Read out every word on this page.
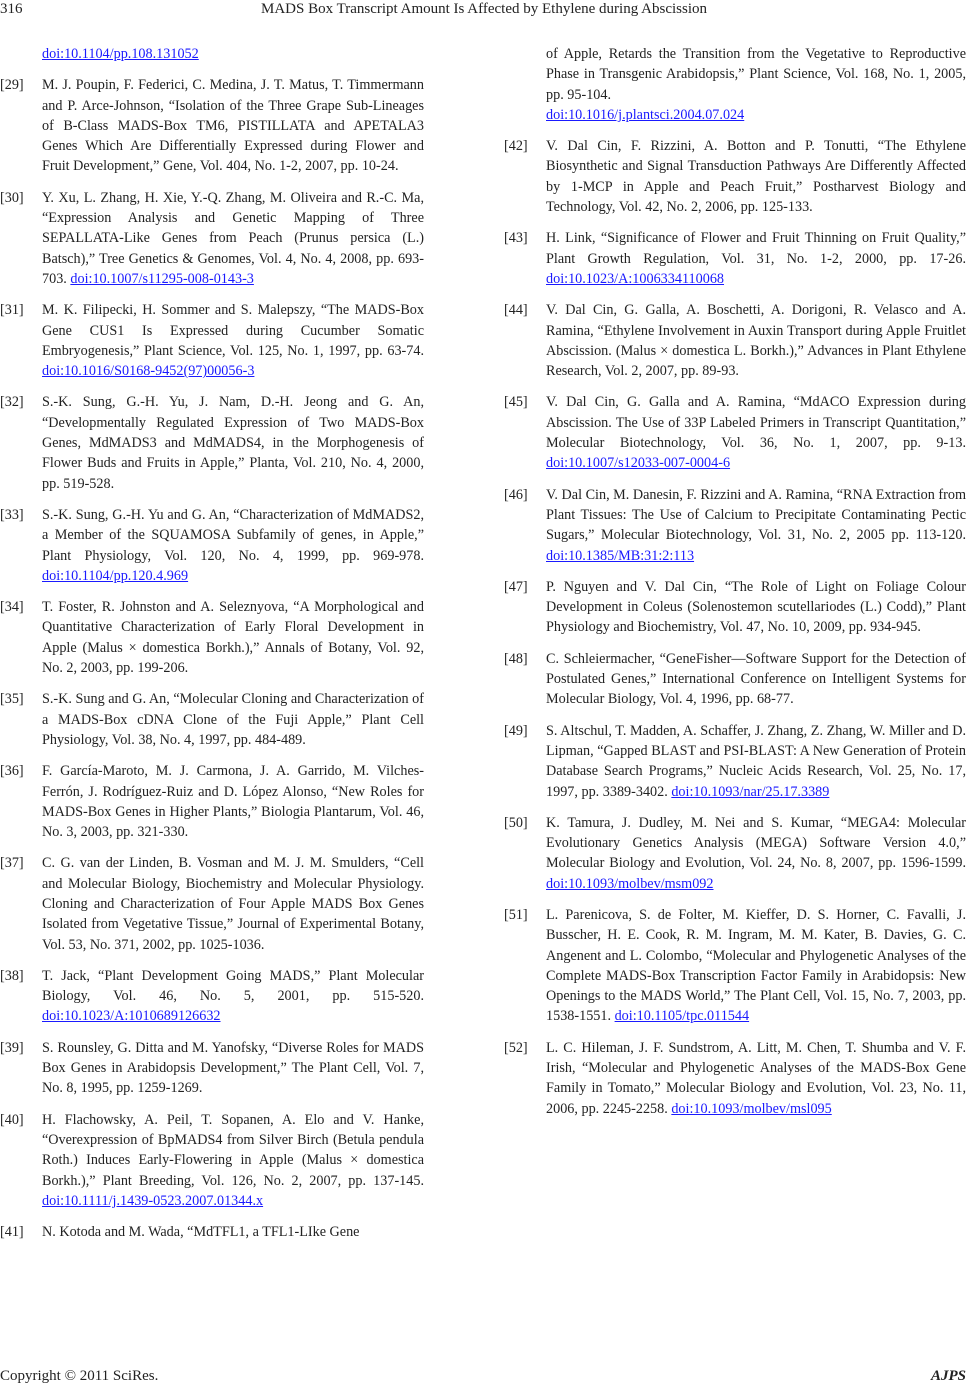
316	MADS Box Transcript Amount Is Affected by Ethylene during Abscission
doi:10.1104/pp.108.131052
[29] M. J. Poupin, F. Federici, C. Medina, J. T. Matus, T. Timmermann and P. Arce-Johnson, “Isolation of the Three Grape Sub-Lineages of B-Class MADS-Box TM6, PISTILLATA and APETALA3 Genes Which Are Differentially Expressed during Flower and Fruit Development,” Gene, Vol. 404, No. 1-2, 2007, pp. 10-24.
[30] Y. Xu, L. Zhang, H. Xie, Y.-Q. Zhang, M. Oliveira and R.-C. Ma, “Expression Analysis and Genetic Mapping of Three SEPALLATA-Like Genes from Peach (Prunus persica (L.) Batsch),” Tree Genetics & Genomes, Vol. 4, No. 4, 2008, pp. 693-703. doi:10.1007/s11295-008-0143-3
[31] M. K. Filipecki, H. Sommer and S. Malepszy, “The MADS-Box Gene CUS1 Is Expressed during Cucumber Somatic Embryogenesis,” Plant Science, Vol. 125, No. 1, 1997, pp. 63-74. doi:10.1016/S0168-9452(97)00056-3
[32] S.-K. Sung, G.-H. Yu, J. Nam, D.-H. Jeong and G. An, “Developmentally Regulated Expression of Two MADS-Box Genes, MdMADS3 and MdMADS4, in the Morphogenesis of Flower Buds and Fruits in Apple,” Planta, Vol. 210, No. 4, 2000, pp. 519-528.
[33] S.-K. Sung, G.-H. Yu and G. An, “Characterization of MdMADS2, a Member of the SQUAMOSA Subfamily of genes, in Apple,” Plant Physiology, Vol. 120, No. 4, 1999, pp. 969-978. doi:10.1104/pp.120.4.969
[34] T. Foster, R. Johnston and A. Seleznyova, “A Morphological and Quantitative Characterization of Early Floral Development in Apple (Malus × domestica Borkh.),” Annals of Botany, Vol. 92, No. 2, 2003, pp. 199-206.
[35] S.-K. Sung and G. An, “Molecular Cloning and Characterization of a MADS-Box cDNA Clone of the Fuji Apple,” Plant Cell Physiology, Vol. 38, No. 4, 1997, pp. 484-489.
[36] F. García-Maroto, M. J. Carmona, J. A. Garrido, M. Vilches-Ferrón, J. Rodríguez-Ruiz and D. López Alonso, “New Roles for MADS-Box Genes in Higher Plants,” Biologia Plantarum, Vol. 46, No. 3, 2003, pp. 321-330.
[37] C. G. van der Linden, B. Vosman and M. J. M. Smulders, “Cell and Molecular Biology, Biochemistry and Molecular Physiology. Cloning and Characterization of Four Apple MADS Box Genes Isolated from Vegetative Tissue,” Journal of Experimental Botany, Vol. 53, No. 371, 2002, pp. 1025-1036.
[38] T. Jack, “Plant Development Going MADS,” Plant Molecular Biology, Vol. 46, No. 5, 2001, pp. 515-520. doi:10.1023/A:1010689126632
[39] S. Rounsley, G. Ditta and M. Yanofsky, “Diverse Roles for MADS Box Genes in Arabidopsis Development,” The Plant Cell, Vol. 7, No. 8, 1995, pp. 1259-1269.
[40] H. Flachowsky, A. Peil, T. Sopanen, A. Elo and V. Hanke, “Overexpression of BpMADS4 from Silver Birch (Betula pendula Roth.) Induces Early-Flowering in Apple (Malus × domestica Borkh.),” Plant Breeding, Vol. 126, No. 2, 2007, pp. 137-145. doi:10.1111/j.1439-0523.2007.01344.x
[41] N. Kotoda and M. Wada, “MdTFL1, a TFL1-LIke Gene
of Apple, Retards the Transition from the Vegetative to Reproductive Phase in Transgenic Arabidopsis,” Plant Science, Vol. 168, No. 1, 2005, pp. 95-104.
doi:10.1016/j.plantsci.2004.07.024
[42] V. Dal Cin, F. Rizzini, A. Botton and P. Tonutti, “The Ethylene Biosynthetic and Signal Transduction Pathways Are Differently Affected by 1-MCP in Apple and Peach Fruit,” Postharvest Biology and Technology, Vol. 42, No. 2, 2006, pp. 125-133.
[43] H. Link, “Significance of Flower and Fruit Thinning on Fruit Quality,” Plant Growth Regulation, Vol. 31, No. 1-2, 2000, pp. 17-26. doi:10.1023/A:1006334110068
[44] V. Dal Cin, G. Galla, A. Boschetti, A. Dorigoni, R. Velasco and A. Ramina, “Ethylene Involvement in Auxin Transport during Apple Fruitlet Abscission. (Malus × domestica L. Borkh.),” Advances in Plant Ethylene Research, Vol. 2, 2007, pp. 89-93.
[45] V. Dal Cin, G. Galla and A. Ramina, “MdACO Expression during Abscission. The Use of 33P Labeled Primers in Transcript Quantitation,” Molecular Biotechnology, Vol. 36, No. 1, 2007, pp. 9-13. doi:10.1007/s12033-007-0004-6
[46] V. Dal Cin, M. Danesin, F. Rizzini and A. Ramina, “RNA Extraction from Plant Tissues: The Use of Calcium to Precipitate Contaminating Pectic Sugars,” Molecular Biotechnology, Vol. 31, No. 2, 2005 pp. 113-120. doi:10.1385/MB:31:2:113
[47] P. Nguyen and V. Dal Cin, “The Role of Light on Foliage Colour Development in Coleus (Solenostemon scutellariodes (L.) Codd),” Plant Physiology and Biochemistry, Vol. 47, No. 10, 2009, pp. 934-945.
[48] C. Schleiermacher, “GeneFisher—Software Support for the Detection of Postulated Genes,” International Conference on Intelligent Systems for Molecular Biology, Vol. 4, 1996, pp. 68-77.
[49] S. Altschul, T. Madden, A. Schaffer, J. Zhang, Z. Zhang, W. Miller and D. Lipman, “Gapped BLAST and PSI-BLAST: A New Generation of Protein Database Search Programs,” Nucleic Acids Research, Vol. 25, No. 17, 1997, pp. 3389-3402. doi:10.1093/nar/25.17.3389
[50] K. Tamura, J. Dudley, M. Nei and S. Kumar, “MEGA4: Molecular Evolutionary Genetics Analysis (MEGA) Software Version 4.0,” Molecular Biology and Evolution, Vol. 24, No. 8, 2007, pp. 1596-1599. doi:10.1093/molbev/msm092
[51] L. Parenicova, S. de Folter, M. Kieffer, D. S. Horner, C. Favalli, J. Busscher, H. E. Cook, R. M. Ingram, M. M. Kater, B. Davies, G. C. Angenent and L. Colombo, “Molecular and Phylogenetic Analyses of the Complete MADS-Box Transcription Factor Family in Arabidopsis: New Openings to the MADS World,” The Plant Cell, Vol. 15, No. 7, 2003, pp. 1538-1551. doi:10.1105/tpc.011544
[52] L. C. Hileman, J. F. Sundstrom, A. Litt, M. Chen, T. Shumba and V. F. Irish, “Molecular and Phylogenetic Analyses of the MADS-Box Gene Family in Tomato,” Molecular Biology and Evolution, Vol. 23, No. 11, 2006, pp. 2245-2258. doi:10.1093/molbev/msl095
Copyright © 2011 SciRes.	AJPS
